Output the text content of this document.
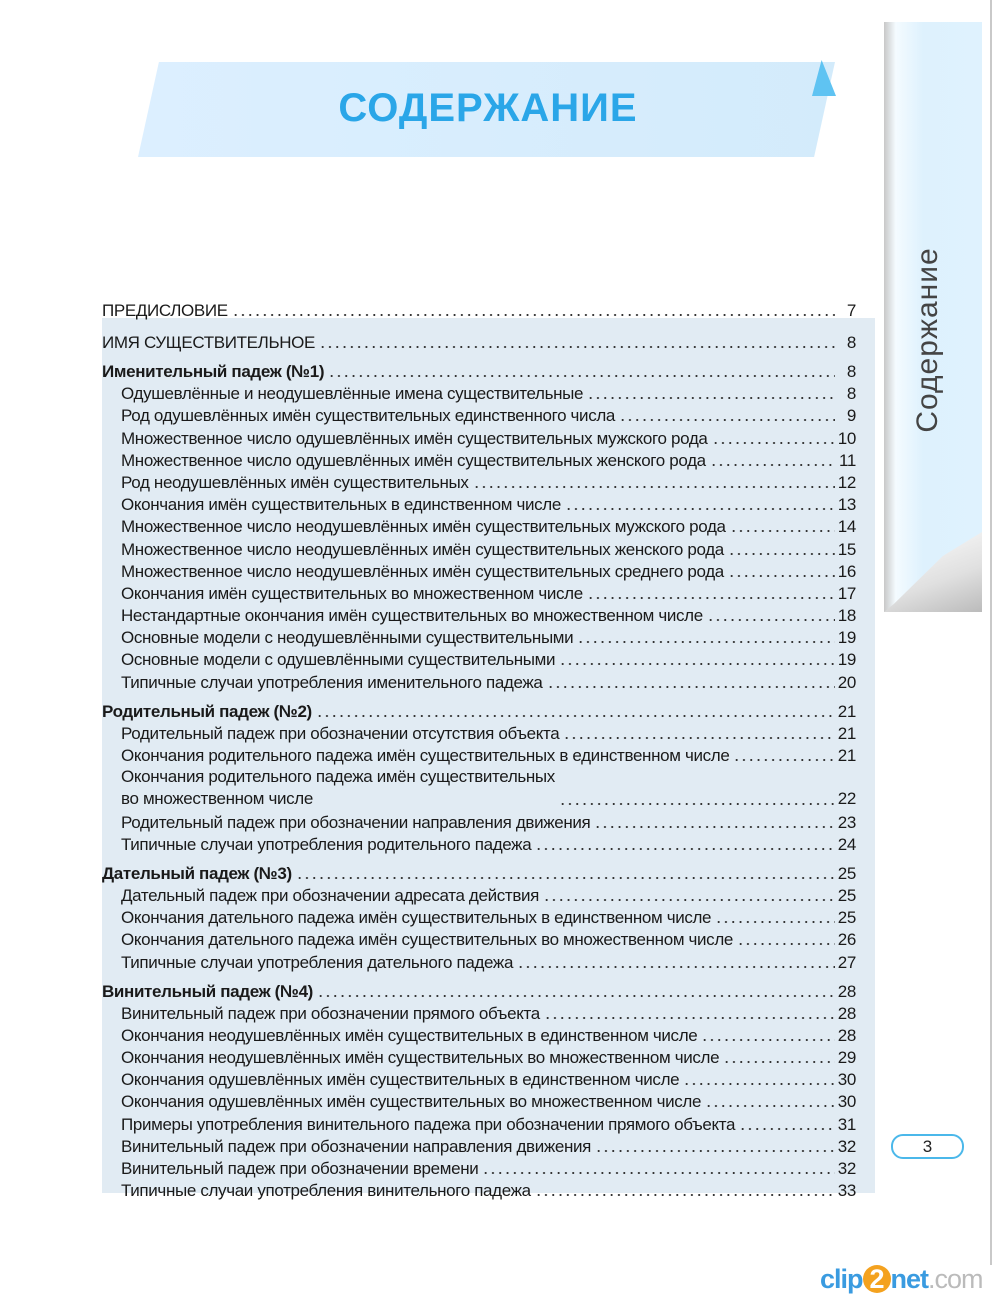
СОДЕРЖАНИЕ
Содержание
ПРЕДИСЛОВИЕ	7
ИМЯ СУЩЕСТВИТЕЛЬНОЕ	8
Именительный падеж (№1)	8
Одушевлённые и неодушевлённые имена существительные	8
Род одушевлённых имён существительных единственного числа	9
Множественное число одушевлённых имён существительных мужского рода	10
Множественное число одушевлённых имён существительных женского рода	11
Род неодушевлённых имён существительных	12
Окончания имён существительных в единственном числе	13
Множественное число неодушевлённых имён существительных мужского рода	14
Множественное число неодушевлённых имён существительных женского рода	15
Множественное число неодушевлённых имён существительных среднего рода	16
Окончания имён существительных во множественном числе	17
Нестандартные окончания имён существительных во множественном числе	18
Основные модели с неодушевлёнными существительными	19
Основные модели с одушевлёнными существительными	19
Типичные случаи употребления именительного падежа	20
Родительный падеж (№2)	21
Родительный падеж при обозначении отсутствия объекта	21
Окончания родительного падежа имён существительных в единственном числе	21
Окончания родительного падежа имён существительных
во множественном числе	22
Родительный падеж при обозначении направления движения	23
Типичные случаи употребления родительного падежа	24
Дательный падеж (№3)	25
Дательный падеж при обозначении адресата действия	25
Окончания дательного падежа имён существительных в единственном числе	25
Окончания дательного падежа имён существительных во множественном числе	26
Типичные случаи употребления дательного падежа	27
Винительный падеж (№4)	28
Винительный падеж при обозначении прямого объекта	28
Окончания неодушевлённых имён существительных в единственном числе	28
Окончания неодушевлённых имён существительных во множественном числе	29
Окончания одушевлённых имён существительных в единственном числе	30
Окончания одушевлённых имён существительных во множественном числе	30
Примеры употребления винительного падежа при обозначении прямого объекта	31
Винительный падеж при обозначении направления движения	32
Винительный падеж при обозначении времени	32
Типичные случаи употребления винительного падежа	33
3
clip 2 net.com
